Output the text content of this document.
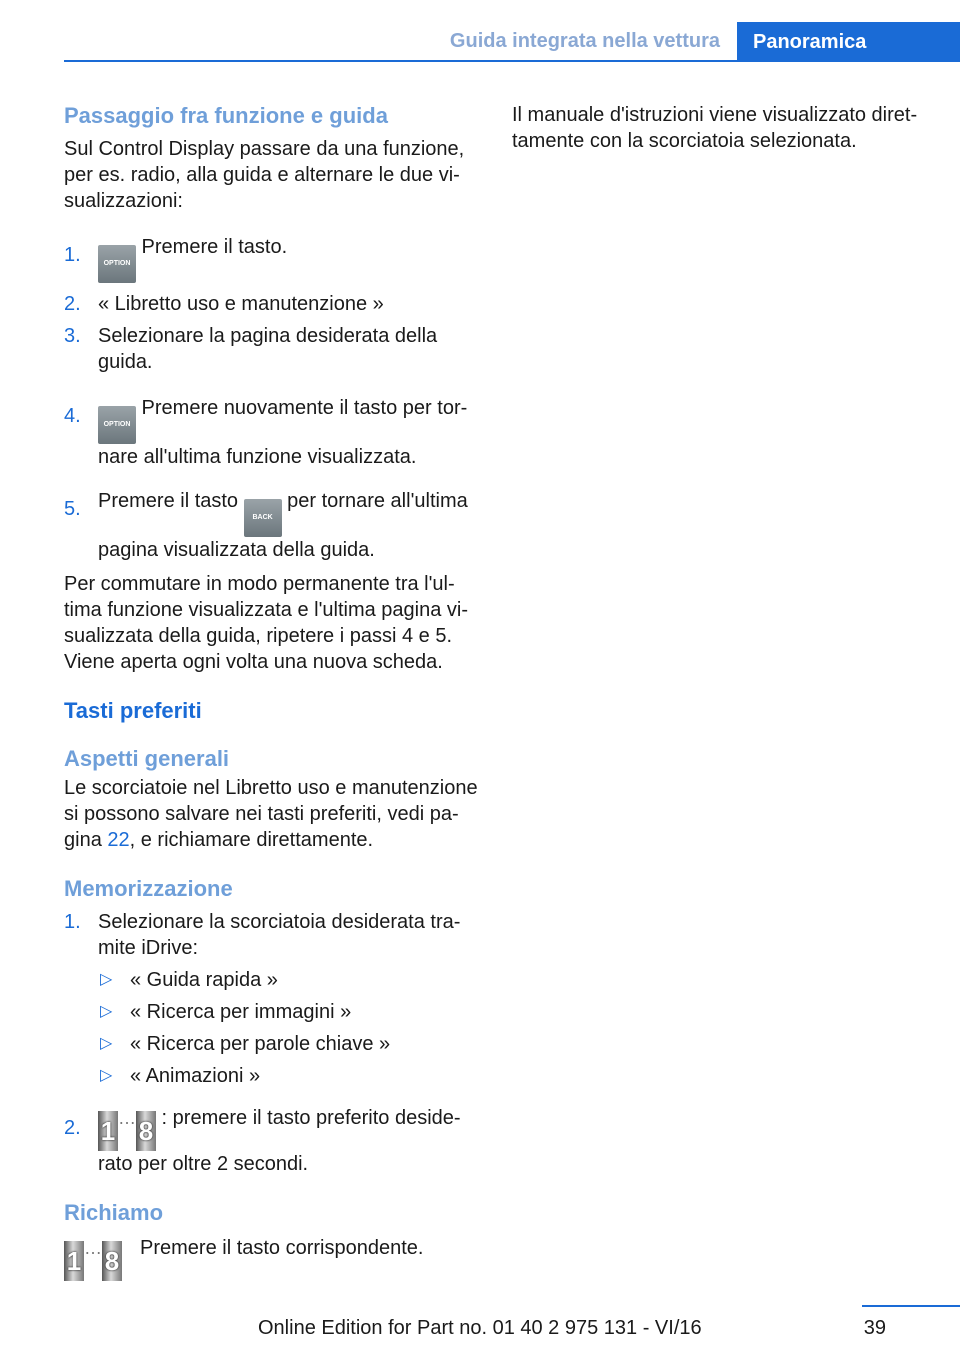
Guida integrata nella vettura	Panoramica
Passaggio fra funzione e guida

Sul Control Display passare da una funzione, per es. radio, alla guida e alternare le due vi‐ sualizzazioni:

1.	OPTION Premere il tasto.
2. « Libretto uso e manutenzione »
3. Selezionare la pagina desiderata della guida.
4.	OPTION Premere nuovamente il tasto per tor‐ nare all'ultima funzione visualizzata.
5. Premere il tasto BACK per tornare all'ultima pagina visualizzata della guida.

Per commutare in modo permanente tra l'ul‐ tima funzione visualizzata e l'ultima pagina vi‐ sualizzata della guida, ripetere i passi 4 e 5. Viene aperta ogni volta una nuova scheda.

Tasti preferiti
Aspetti generali

Le scorciatoie nel Libretto uso e manutenzione si possono salvare nei tasti preferiti, vedi pa‐ gina 22, e richiamare direttamente.

Memorizzazione
1. Selezionare la scorciatoia desiderata tra‐ mite iDrive:
▷ « Guida rapida »
▷ « Ricerca per immagini »
▷ « Ricerca per parole chiave »
▷ « Animazioni »
2. 1 … 8 : premere il tasto preferito deside‐ rato per oltre 2 secondi.
Richiamo
1 … 8 Premere il tasto corrispondente.

Il manuale d'istruzioni viene visualizzato diret‐ tamente con la scorciatoia selezionata.

Online Edition for Part no. 01 40 2 975 131 - VI/16	39
